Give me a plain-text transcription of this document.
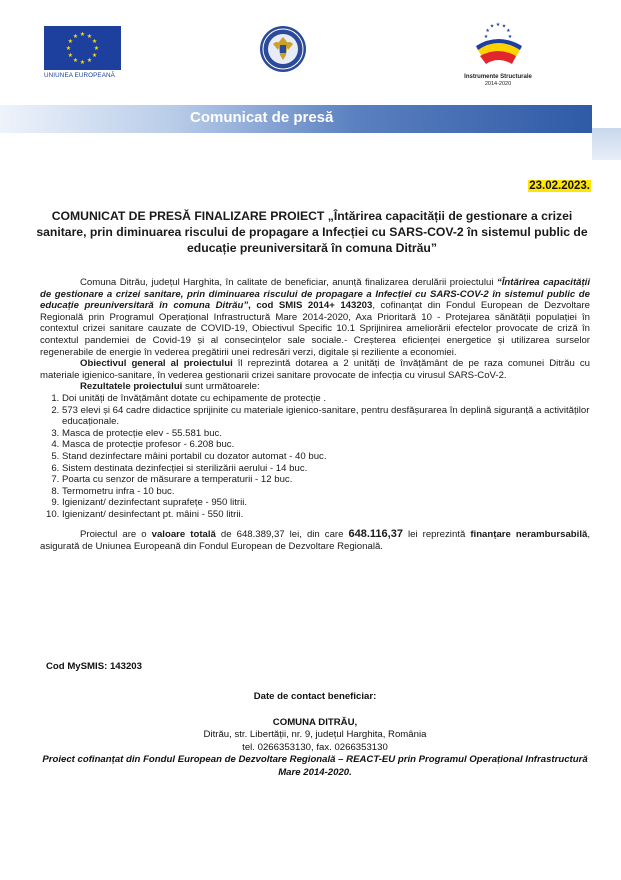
★
★
★
★
★
★
★
★
★ ★ ★
★
UNIUNEA EUROPEANĂ
★
★
★
★ ★ ★
★
Instrumente Structurale
2014-2020
Comunicat de presă
23.02.2023.
COMUNICAT DE PRESĂ FINALIZARE PROIECT „Întărirea capacității de gestionare a crizei sanitare, prin diminuarea riscului de propagare a Infecției cu SARS-COV-2 în sistemul public de educație preuniversitară în comuna Ditrău”

Comuna Ditrău, județul Harghita, în calitate de beneficiar, anunță finalizarea derulării proiectului “Întărirea capacității de gestionare a crizei sanitare, prin diminuarea riscului de propagare a Infecției cu SARS-COV-2 în sistemul public de educație preuniversitară în comuna Ditrău”, cod SMIS 2014+ 143203, cofinanțat din Fondul European de Dezvoltare Regională prin Programul Operațional Infrastructură Mare 2014-2020, Axa Prioritară 10 - Protejarea sănătății populației în contextul crizei sanitare cauzate de COVID-19, Obiectivul Specific 10.1 Sprijinirea ameliorării efectelor provocate de criză în contextul pandemiei de Covid-19 și al consecințelor sale sociale.- Creșterea eficienței energetice și utilizarea surselor regenerabile de energie în vederea pregătirii unei redresări verzi, digitale și reziliente a economiei.

Obiectivul general al proiectului îl reprezintă dotarea a 2 unități de învățământ de pe raza comunei Ditrău cu materiale igienico-sanitare, în vederea gestionarii crizei sanitare provocate de infecția cu virusul SARS-CoV-2.

Rezultatele proiectului sunt următoarele:

1. Doi unități de învățământ dotate cu echipamente de protecție .
2. 573 elevi și 64 cadre didactice sprijinite cu materiale igienico-sanitare, pentru desfășurarea în deplină siguranță a activităților educaționale.
3. Masca de protecție elev - 55.581 buc.
4. Masca de protecție profesor - 6.208 buc.
5. Stand dezinfectare mâini portabil cu dozator automat - 40 buc.
6. Sistem destinata dezinfecției si sterilizării aerului - 14 buc.
7. Poarta cu senzor de măsurare a temperaturii - 12 buc.
8. Termometru infra - 10 buc.
9. Igienizant/ dezinfectant suprafețe - 950 litrii.
10. Igienizant/ desinfectant pt. mâini - 550 litrii.

Proiectul are o valoare totală de 648.389,37 lei, din care 648.116,37 lei reprezintă finanțare nerambursabilă, asigurată de Uniunea Europeană din Fondul European de Dezvoltare Regională.

Cod MySMIS: 143203
Date de contact beneficiar:
COMUNA DITRĂU,
Ditrău, str. Libertății, nr. 9, județul Harghita, România
tel. 0266353130, fax. 0266353130
Proiect cofinanțat din Fondul European de Dezvoltare Regională – REACT-EU prin Programul Operațional Infrastructură Mare 2014-2020.
